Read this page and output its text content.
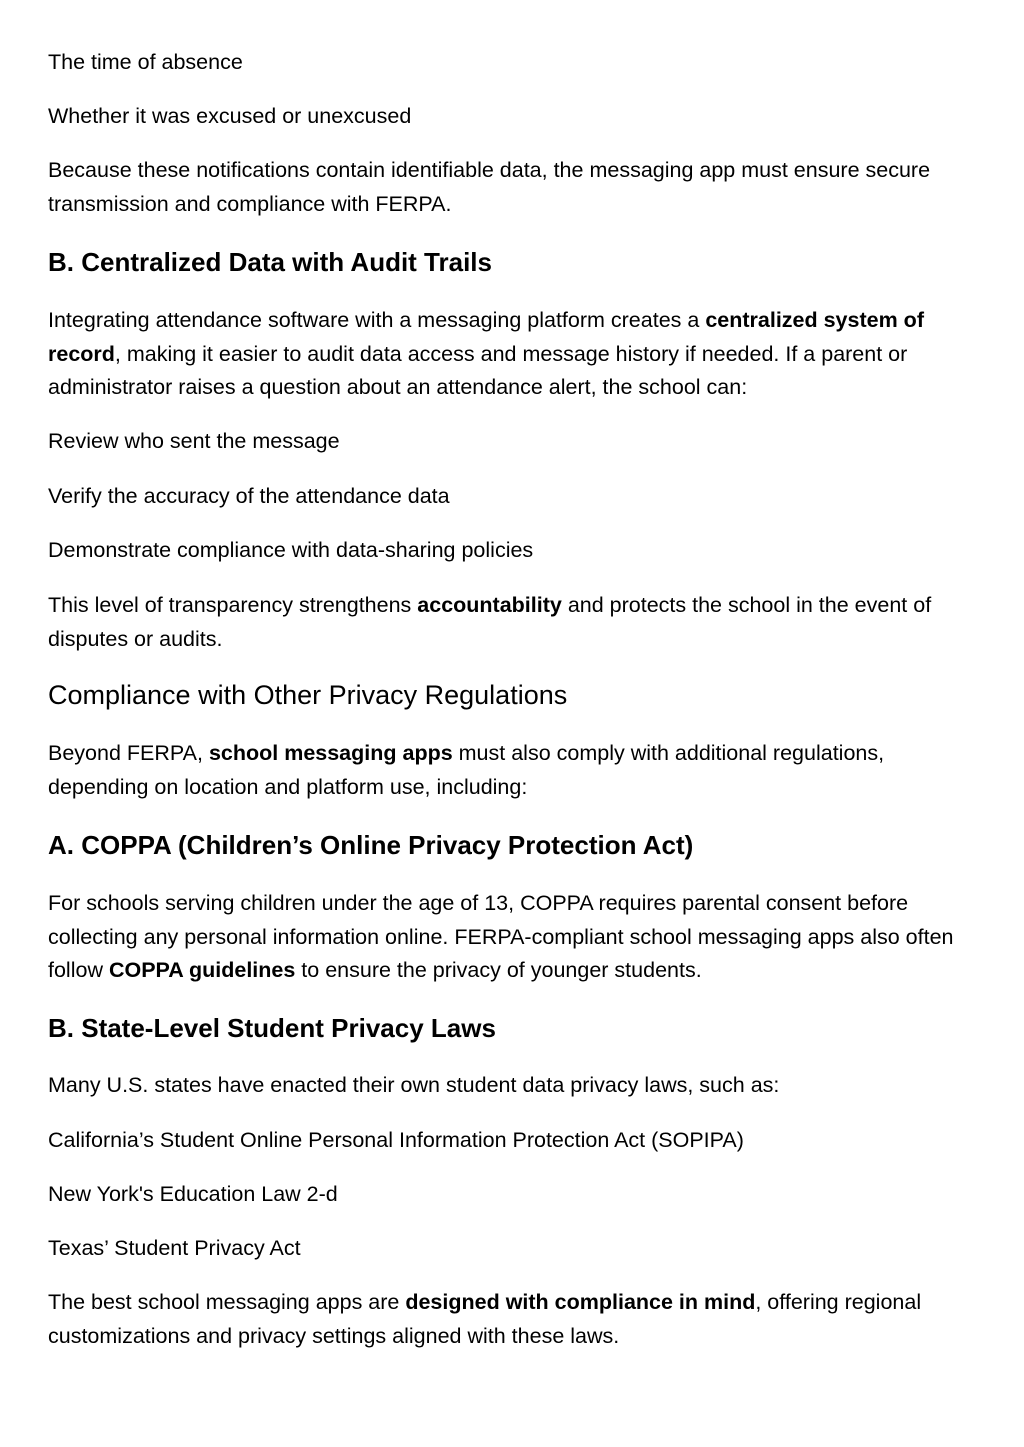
The time of absence

Whether it was excused or unexcused

Because these notifications contain identifiable data, the messaging app must ensure secure transmission and compliance with FERPA.

B. Centralized Data with Audit Trails

Integrating attendance software with a messaging platform creates a centralized system of record, making it easier to audit data access and message history if needed. If a parent or administrator raises a question about an attendance alert, the school can:

Review who sent the message

Verify the accuracy of the attendance data

Demonstrate compliance with data-sharing policies

This level of transparency strengthens accountability and protects the school in the event of disputes or audits.

Compliance with Other Privacy Regulations

Beyond FERPA, school messaging apps must also comply with additional regulations, depending on location and platform use, including:

A. COPPA (Children’s Online Privacy Protection Act)

For schools serving children under the age of 13, COPPA requires parental consent before collecting any personal information online. FERPA-compliant school messaging apps also often follow COPPA guidelines to ensure the privacy of younger students.

B. State-Level Student Privacy Laws

Many U.S. states have enacted their own student data privacy laws, such as:

California’s Student Online Personal Information Protection Act (SOPIPA)

New York's Education Law 2-d

Texas’ Student Privacy Act

The best school messaging apps are designed with compliance in mind, offering regional customizations and privacy settings aligned with these laws.
